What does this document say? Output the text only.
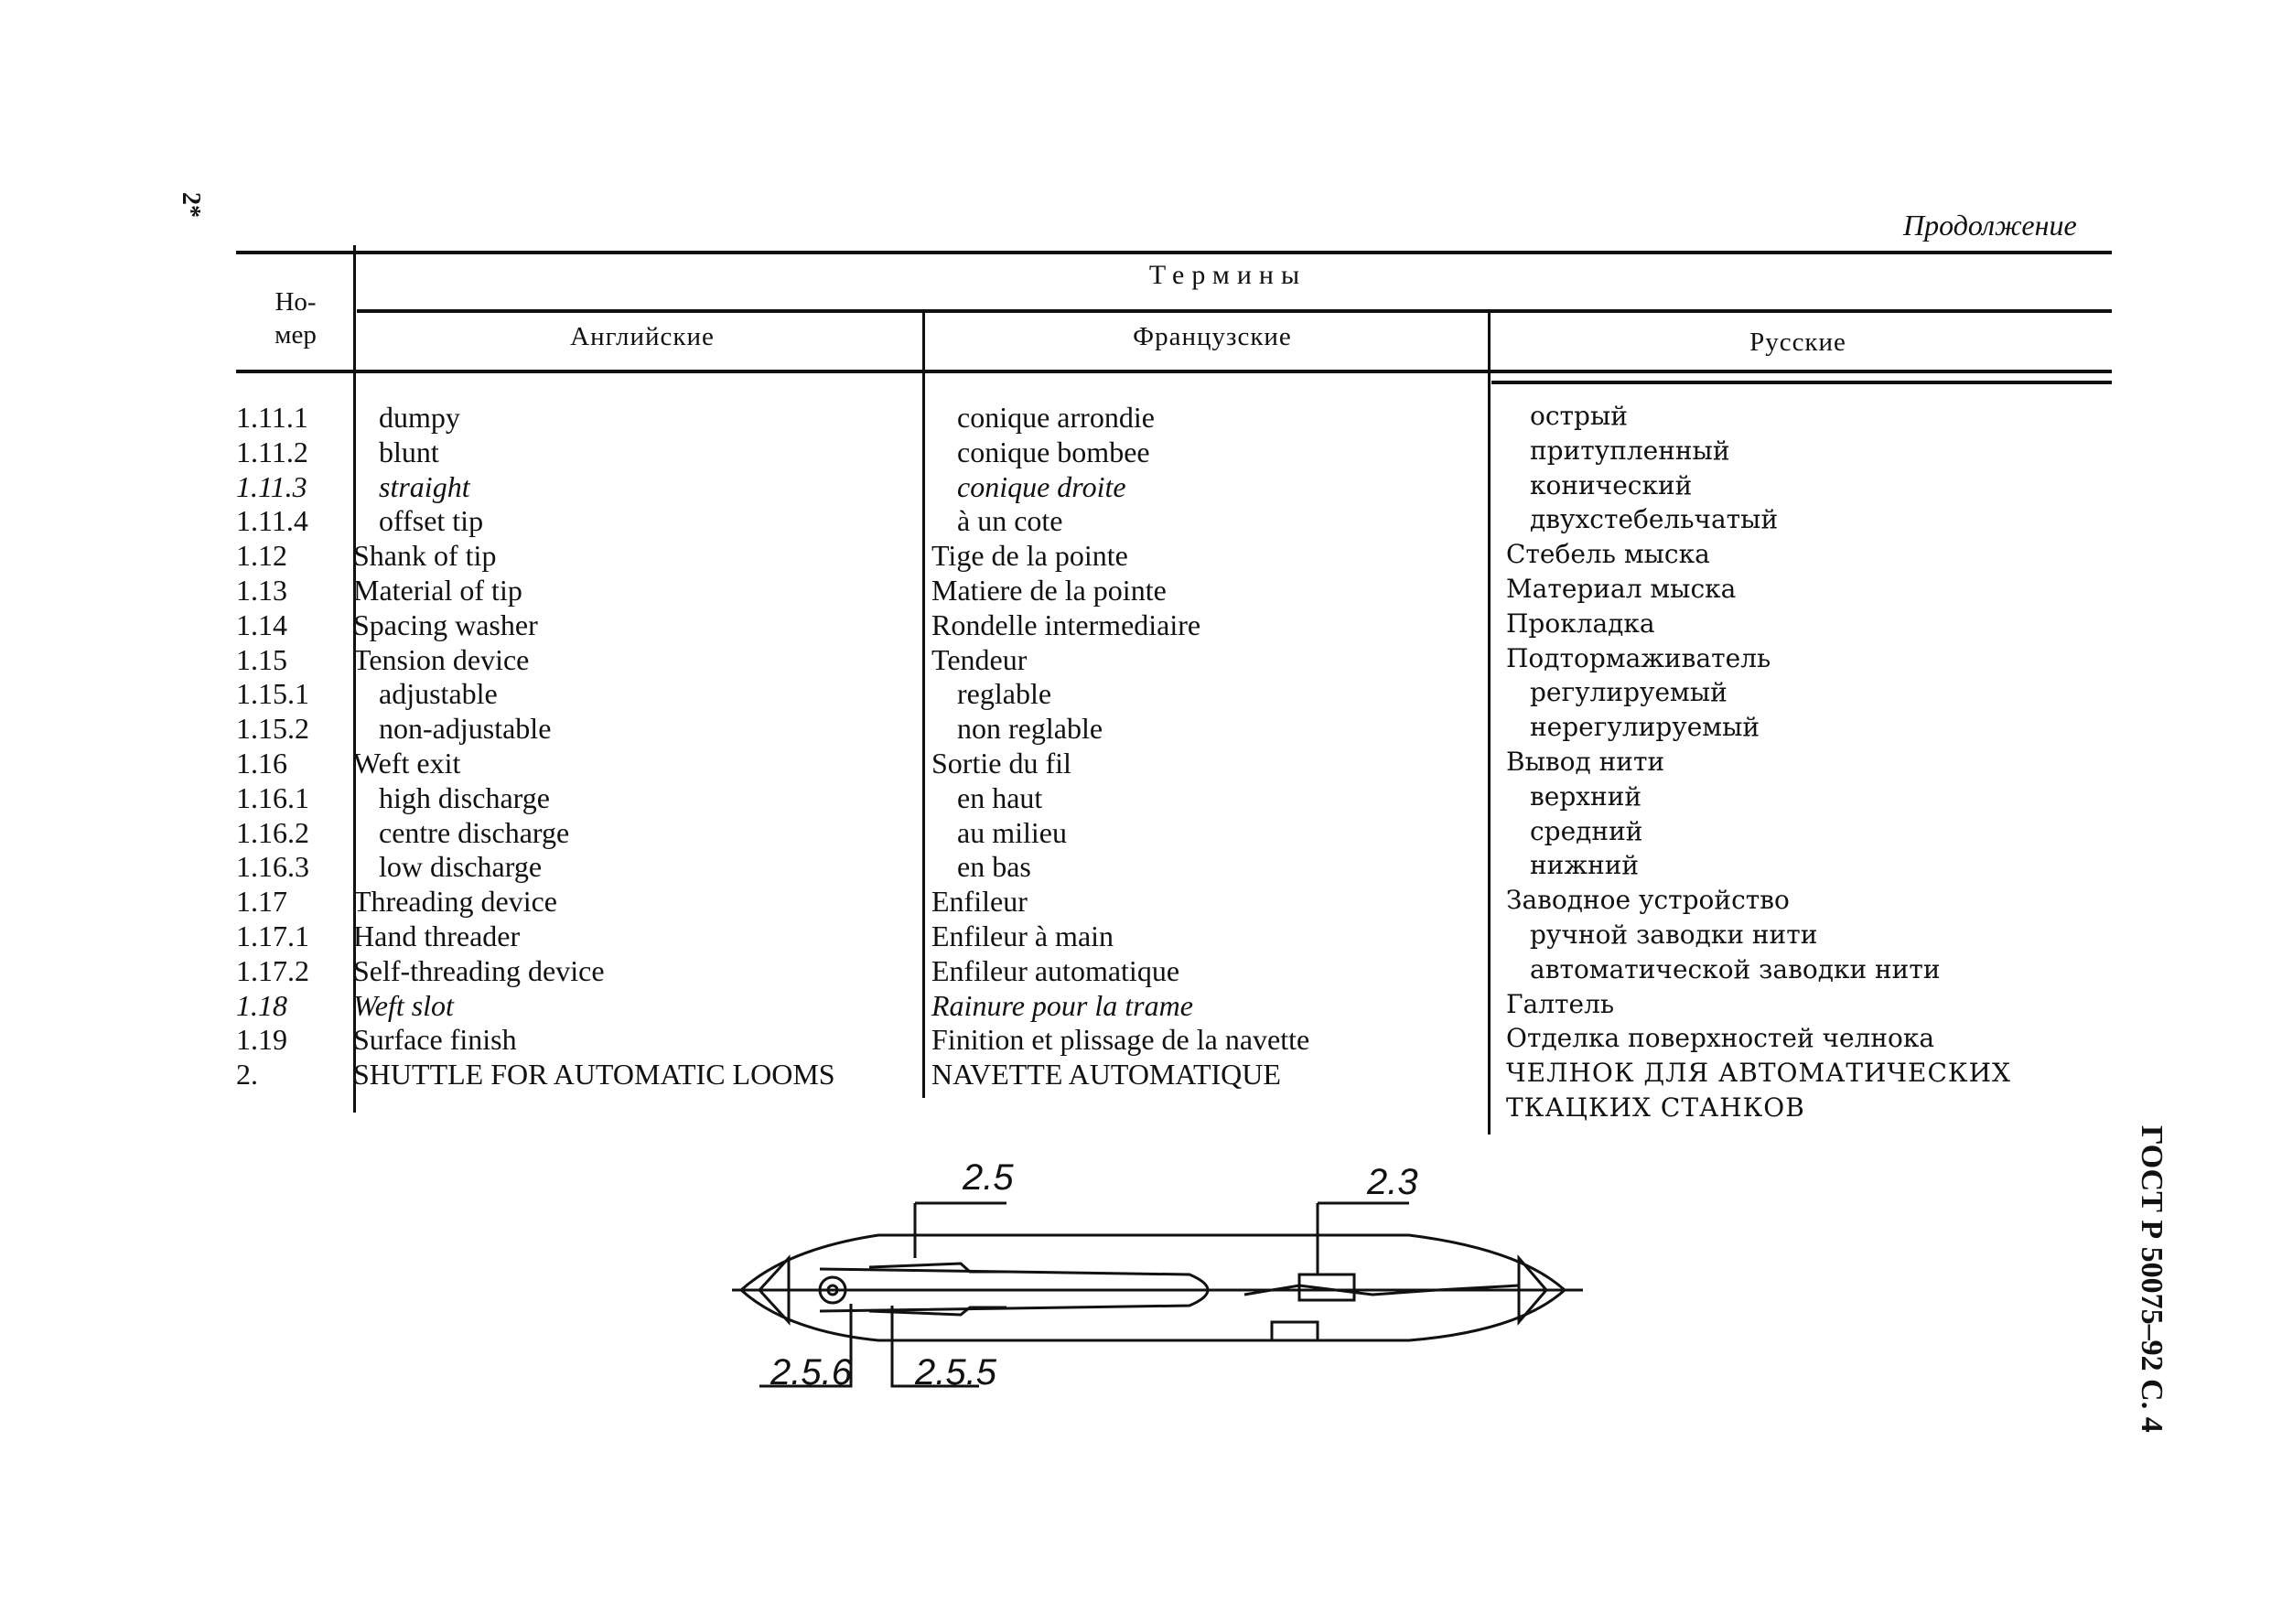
2*
Продолжение
Термины
Но-
мер	Английские	Французские	Русские
1.11.1 dumpy	conique arrondie	острый
1.11.2 blunt	conique bombee	притупленный
1.11.3 straight	conique droite	конический
1.11.4 offset tip	à un cote	двухстебельчатый
1.12 Shank of tip	Tige de la pointe	Стебель мыска
1.13 Material of tip	Matiere de la pointe	Материал мыска
1.14 Spacing washer	Rondelle intermediaire	Прокладка
1.15 Tension device	Tendeur	Подтормаживатель
1.15.1 adjustable	reglable	регулируемый
1.15.2 non-adjustable	non reglable	нерегулируемый
1.16 Weft exit	Sortie du fil	Вывод нити
1.16.1 high discharge	en haut	верхний
1.16.2 centre discharge	au milieu	средний
1.16.3 low discharge	en bas	нижний
1.17 Threading device	Enfileur	Заводное устройство
1.17.1 Hand threader	Enfileur à main	ручной заводки нити
1.17.2 Self-threading device	Enfileur automatique	автоматической заводки нити
1.18 Weft slot	Rainure pour la trame	Галтель
1.19 Surface finish	Finition et plissage de la navette	Отделка поверхностей челнока
2.	SHUTTLE FOR AUTOMATIC LOOMS	NAVETTE AUTOMATIQUE	ЧЕЛНОК ДЛЯ АВТОМАТИЧЕСКИХ
ТКАЦКИХ СТАНКОВ
ГОСТ Р 50075–92 С. 4
2.5	2.3
2.5.6 2.5.5
